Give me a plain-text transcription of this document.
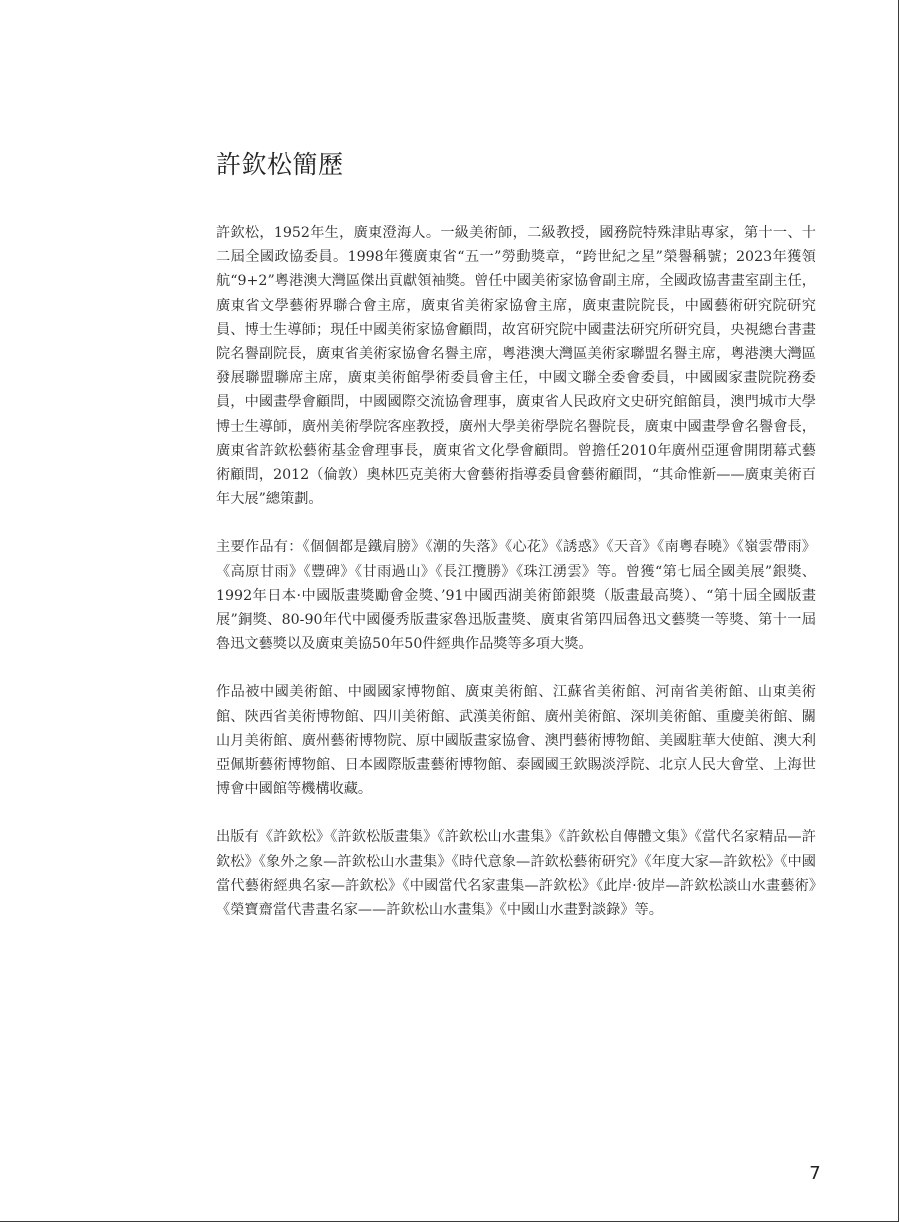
許欽松簡歷

許欽松，1952年生，廣東澄海人。一級美術師，二級教授，國務院特殊津貼專家，第十一、十二屆全國政協委員。1998年獲廣東省“五一”勞動獎章，“跨世紀之星”榮譽稱號；2023年獲領航“9+2”粵港澳大灣區傑出貢獻領袖獎。曾任中國美術家協會副主席，全國政協書畫室副主任，廣東省文學藝術界聯合會主席，廣東省美術家協會主席，廣東畫院院長，中國藝術研究院研究員、博士生導師；現任中國美術家協會顧問，故宮研究院中國畫法研究所研究員，央視總台書畫院名譽副院長，廣東省美術家協會名譽主席，粵港澳大灣區美術家聯盟名譽主席，粵港澳大灣區發展聯盟聯席主席，廣東美術館學術委員會主任，中國文聯全委會委員，中國國家畫院院務委員，中國畫學會顧問，中國國際交流協會理事，廣東省人民政府文史研究館館員，澳門城市大學博士生導師，廣州美術學院客座教授，廣州大學美術學院名譽院長，廣東中國畫學會名譽會長，廣東省許欽松藝術基金會理事長，廣東省文化學會顧問。曾擔任2010年廣州亞運會開閉幕式藝術顧問，2012（倫敦）奧林匹克美術大會藝術指導委員會藝術顧問，“其命惟新——廣東美術百年大展”總策劃。

主要作品有：《個個都是鐵肩膀》《潮的失落》《心花》《誘惑》《天音》《南粵春曉》《嶺雲帶雨》《高原甘雨》《豐碑》《甘雨過山》《長江攬勝》《珠江湧雲》等。曾獲“第七屆全國美展”銀獎、1992年日本·中國版畫獎勵會金獎、’91中國西湖美術節銀獎（版畫最高獎）、“第十屆全國版畫展”銅獎、80-90年代中國優秀版畫家魯迅版畫獎、廣東省第四屆魯迅文藝獎一等獎、第十一屆魯迅文藝獎以及廣東美協50年50件經典作品獎等多項大獎。

作品被中國美術館、中國國家博物館、廣東美術館、江蘇省美術館、河南省美術館、山東美術館、陝西省美術博物館、四川美術館、武漢美術館、廣州美術館、深圳美術館、重慶美術館、關山月美術館、廣州藝術博物院、原中國版畫家協會、澳門藝術博物館、美國駐華大使館、澳大利亞佩斯藝術博物館、日本國際版畫藝術博物館、泰國國王欽賜淡浮院、北京人民大會堂、上海世博會中國館等機構收藏。

出版有《許欽松》《許欽松版畫集》《許欽松山水畫集》《許欽松自傳體文集》《當代名家精品—許欽松》《象外之象—許欽松山水畫集》《時代意象—許欽松藝術研究》《年度大家—許欽松》《中國當代藝術經典名家—許欽松》《中國當代名家畫集—許欽松》《此岸·彼岸—許欽松談山水畫藝術》《榮寶齋當代書畫名家——許欽松山水畫集》《中國山水畫對談錄》等。

7
